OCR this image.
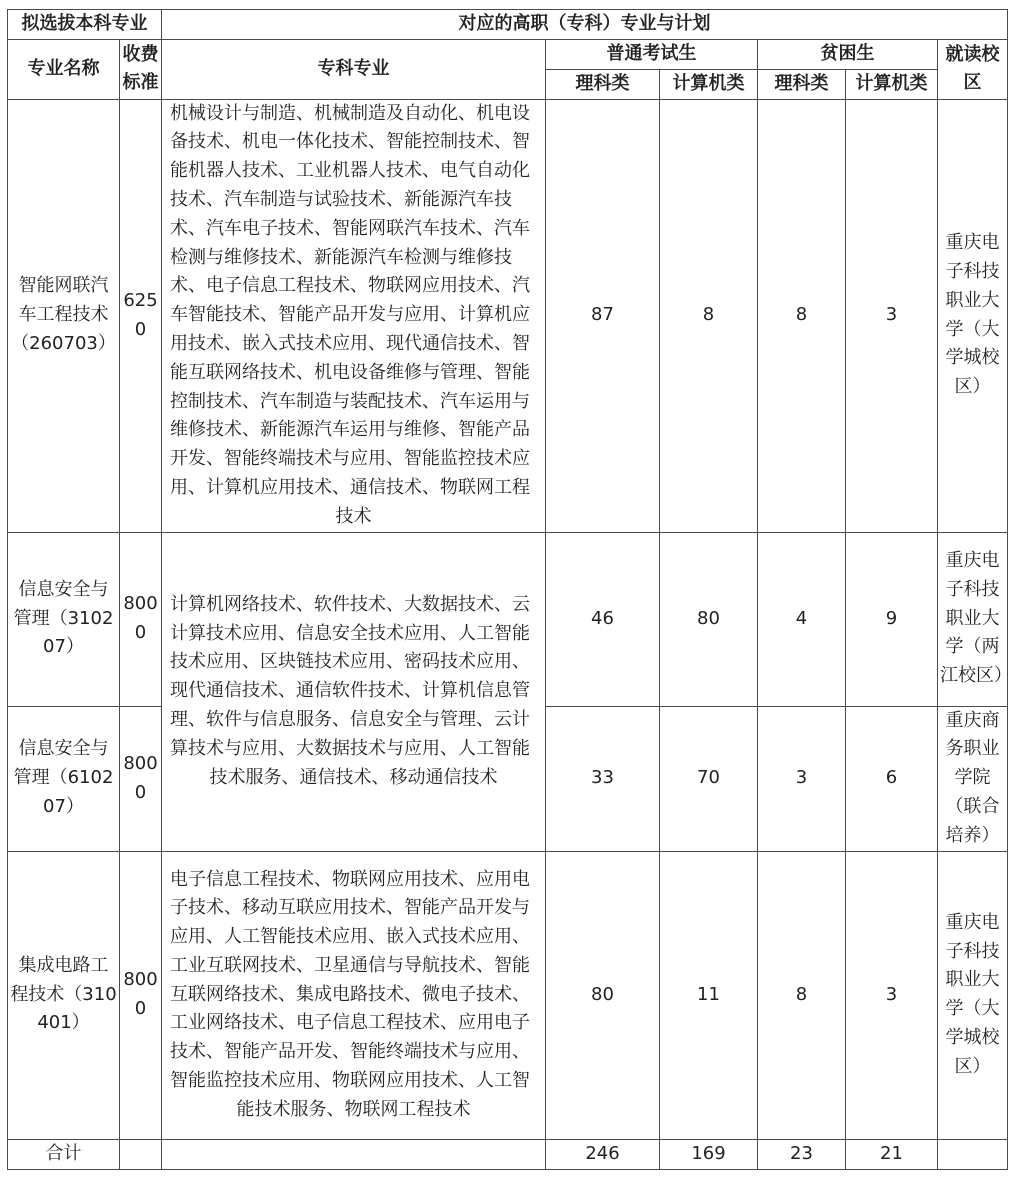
拟选拔本科专业		对应的高职（专科）专业与计划					
专业名称	收费标准	专科专业	普通考试生		贫困生		就读校区
			理科类	计算机类	理科类	计算机类	
智能网联汽车工程技术（260703）	6250	机械设计与制造、机械制造及自动化、机电设备技术、机电一体化技术、智能控制技术、智能机器人技术、工业机器人技术、电气自动化技术、汽车制造与试验技术、新能源汽车技术、汽车电子技术、智能网联汽车技术、汽车检测与维修技术、新能源汽车检测与维修技术、电子信息工程技术、物联网应用技术、汽车智能技术、智能产品开发与应用、计算机应用技术、嵌入式技术应用、现代通信技术、智能互联网络技术、机电设备维修与管理、智能控制技术、汽车制造与装配技术、汽车运用与维修技术、新能源汽车运用与维修、智能产品开发、智能终端技术与应用、智能监控技术应用、计算机应用技术、通信技术、物联网工程技术	87	8	8	3	重庆电子科技职业大学（大学城校区）
信息安全与管理（310207）	8000	计算机网络技术、软件技术、大数据技术、云计算技术应用、信息安全技术应用、人工智能技术应用、区块链技术应用、密码技术应用、现代通信技术、通信软件技术、计算机信息管理、软件与信息服务、信息安全与管理、云计算技术与应用、大数据技术与应用、人工智能技术服务、通信技术、移动通信技术	46	80	4	9	重庆电子科技职业大学（两江校区）
信息安全与管理（610207）	8000		33	70	3	6	重庆商务职业学院（联合培养）
集成电路工程技术（310401）	8000	电子信息工程技术、物联网应用技术、应用电子技术、移动互联应用技术、智能产品开发与应用、人工智能技术应用、嵌入式技术应用、工业互联网技术、卫星通信与导航技术、智能互联网络技术、集成电路技术、微电子技术、工业网络技术、电子信息工程技术、应用电子技术、智能产品开发、智能终端技术与应用、智能监控技术应用、物联网应用技术、人工智能技术服务、物联网工程技术	80	11	8	3	重庆电子科技职业大学（大学城校区）
合计			246	169	23	21	
